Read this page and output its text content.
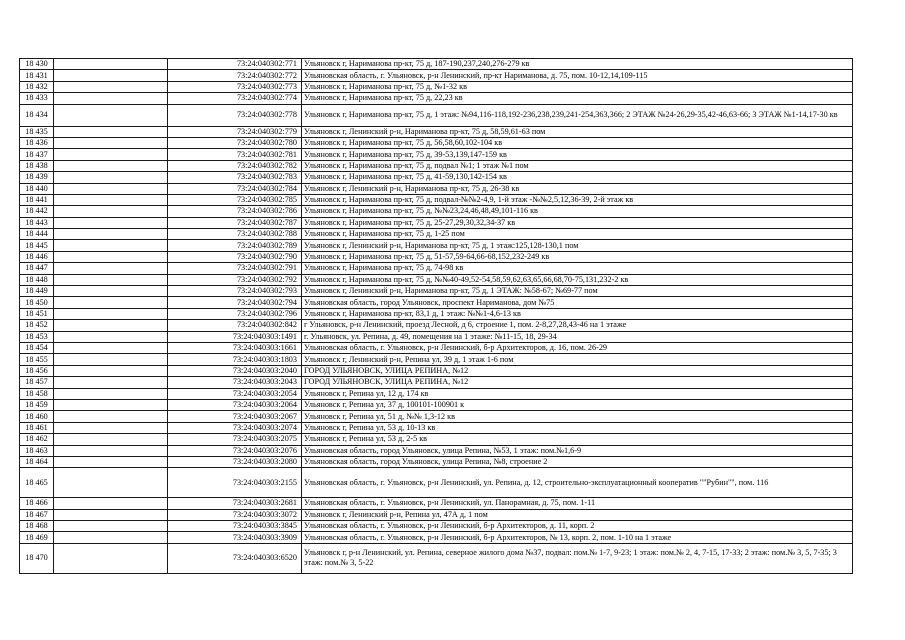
18 430		73:24:040302:771	Ульяновск г, Нариманова пр-кт, 75 д, 187-190,237,240,276-279 кв
18 431		73:24:040302:772	Ульяновская область, г. Ульяновск, р-н Ленинский, пр-кт Нариманова, д. 75, пом. 10-12,14,109-115
18 432		73:24:040302:773	Ульяновск г, Нариманова пр-кт, 75 д, №1-32 кв
18 433		73:24:040302:774	Ульяновск г, Нариманова пр-кт, 75 д, 22,23 кв
18 434		73:24:040302:778	Ульяновск г, Нариманова пр-кт, 75 д, 1 этаж: №94,116-118,192-236,238,239,241-254,363,366; 2 ЭТАЖ №24-26,29-35,42-46,63-66; 3 ЭТАЖ №1-14,17-30 кв
18 435		73:24:040302:779	Ульяновск г, Ленинский р-н, Нариманова пр-кт, 75 д, 58,59,61-63 пом
18 436		73:24:040302:780	Ульяновск г, Нариманова пр-кт, 75 д, 56,58,60,102-104 кв
18 437		73:24:040302:781	Ульяновск г, Нариманова пр-кт, 75 д, 39-53,139,147-159 кв
18 438		73:24:040302:782	Ульяновск г, Нариманова пр-кт, 75 д, подвал №1; 1 этаж №1 пом
18 439		73:24:040302:783	Ульяновск г, Нариманова пр-кт, 75 д, 41-59,130,142-154 кв
18 440		73:24:040302:784	Ульяновск г, Ленинский р-н, Нариманова пр-кт, 75 д, 26-38 кв
18 441		73:24:040302:785	Ульяновск г, Нариманова пр-кт, 75 д, подвал-№№2-4,9, 1-й этаж -№№2,5,12,36-39, 2-й этаж кв
18 442		73:24:040302:786	Ульяновск г, Нариманова пр-кт, 75 д, №№23,24,46,48,49,101-116 кв
18 443		73:24:040302:787	Ульяновск г, Нариманова пр-кт, 75 д, 25-27,29,30,32,34-37 кв
18 444		73:24:040302:788	Ульяновск г, Нариманова пр-кт, 75 д, 1-25 пом
18 445		73:24:040302:789	Ульяновск г, Ленинский р-н, Нариманова пр-кт, 75 д, 1 этаж:125,128-130,1 пом
18 446		73:24:040302:790	Ульяновск г, Нариманова пр-кт, 75 д, 51-57,59-64,66-68,152,232-249 кв
18 447		73:24:040302:791	Ульяновск г, Нариманова пр-кт, 75 д, 74-98 кв
18 448		73:24:040302:792	Ульяновск г, Нариманова пр-кт, 75 д, №№40-49,52-54,58,59,62,63,65,66,68,70-75,131,232-2 кв
18 449		73:24:040302:793	Ульяновск г, Ленинский р-н, Нариманова пр-кт, 75 д, 1 ЭТАЖ: №58-67; №69-77 пом
18 450		73:24:040302:794	Ульяновская область, город Ульяновск, проспект Нариманова, дом №75
18 451		73:24:040302:796	Ульяновск г, Нариманова пр-кт, 83,1 д, 1 этаж: №№1-4,6-13 кв
18 452		73:24:040302:842	г Ульяновск, р-н Ленинский, проезд Лесной, д 6, строение 1, пом. 2-8,27,28,43-46 на 1 этаже
18 453		73:24:040303:1491	г. Ульяновск, ул. Репина, д. 49, помещения на 1 этаже: №11-15, 18, 29-34
18 454		73:24:040303:1661	Ульяновская область, г. Ульяновск, р-н Ленинский, б-р Архитекторов, д. 16, пом. 26-29
18 455		73:24:040303:1803	Ульяновск г, Ленинский р-н, Репина ул, 39 д, 1 этаж 1-6 пом
18 456		73:24:040303:2040	ГОРОД УЛЬЯНОВСК, УЛИЦА РЕПИНА, №12
18 457		73:24:040303:2043	ГОРОД УЛЬЯНОВСК, УЛИЦА РЕПИНА, №12
18 458		73:24:040303:2054	Ульяновск г, Репина ул, 12 д, 174 кв
18 459		73:24:040303:2064	Ульяновск г, Репина ул, 37 д, 100101-100901 к
18 460		73:24:040303:2067	Ульяновск г, Репина ул, 51 д, №№ 1,3-12 кв
18 461		73:24:040303:2074	Ульяновск г, Репина ул, 53 д, 10-13 кв
18 462		73:24:040303:2075	Ульяновск г, Репина ул, 53 д, 2-5 кв
18 463		73:24:040303:2076	Ульяновская область, город Ульяновск, улица Репина, №53, 1 этаж: пом.№1,6-9
18 464		73:24:040303:2080	Ульяновская область, город Ульяновск, улица Репина, №8, строение 2
18 465		73:24:040303:2155	Ульяновская область, г. Ульяновск, р-н Ленинский, ул. Репина, д. 12, строительно-эксплуатационный кооператив ""Рубин"", пом. 116
18 466		73:24:040303:2681	Ульяновская область, г. Ульяновск, р-н Ленинский, ул. Панорамная, д. 75, пом. 1-11
18 467		73:24:040303:3072	Ульяновск г, Ленинский р-н, Репина ул, 47А д, 1 пом
18 468		73:24:040303:3845	Ульяновская область, г. Ульяновск, р-н Ленинский, б-р Архитекторов, д. 11, корп. 2
18 469		73:24:040303:3909	Ульяновская область, г. Ульяновск, р-н Ленинский, б-р Архитекторов, № 13, корп. 2, пом. 1-10 на 1 этаже
18 470		73:24:040303:6520	Ульяновск г, р-н Ленинский, ул. Репина, северное жилого дома №37, подвал: пом.№ 1-7, 9-23; 1 этаж: пом.№ 2, 4, 7-15, 17-33; 2 этаж: пом.№ 3, 5, 7-35; 3 этаж: пом.№ 3, 5-22
